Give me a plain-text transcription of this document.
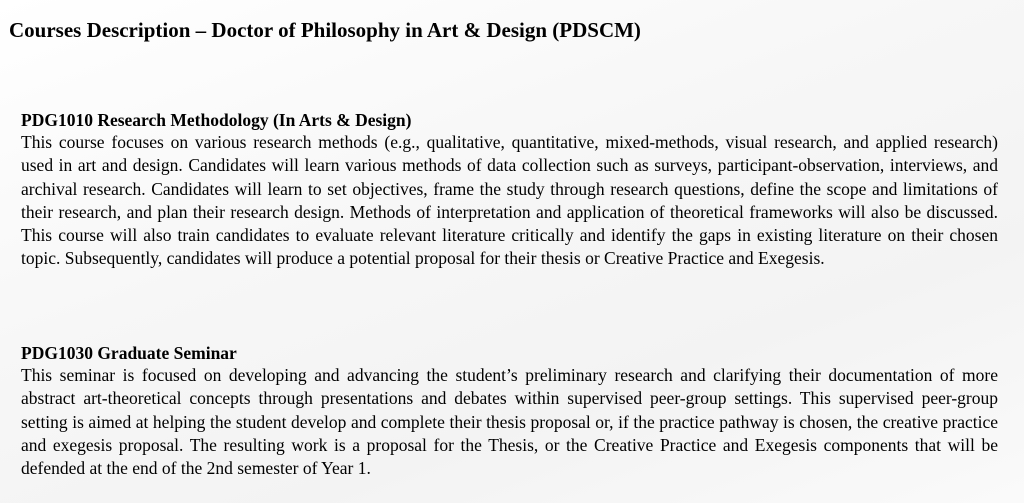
Courses Description – Doctor of Philosophy in Art & Design (PDSCM)
PDG1010 Research Methodology (In Arts & Design)

This course focuses on various research methods (e.g., qualitative, quantitative, mixed-methods, visual research, and applied research) used in art and design. Candidates will learn various methods of data collection such as surveys, participant-observation, interviews, and archival research. Candidates will learn to set objectives, frame the study through research questions, define the scope and limitations of their research, and plan their research design. Methods of interpretation and application of theoretical frameworks will also be discussed. This course will also train candidates to evaluate relevant literature critically and identify the gaps in existing literature on their chosen topic. Subsequently, candidates will produce a potential proposal for their thesis or Creative Practice and Exegesis.

PDG1030 Graduate Seminar

This seminar is focused on developing and advancing the student’s preliminary research and clarifying their documentation of more abstract art-theoretical concepts through presentations and debates within supervised peer-group settings. This supervised peer-group setting is aimed at helping the student develop and complete their thesis proposal or, if the practice pathway is chosen, the creative practice and exegesis proposal. The resulting work is a proposal for the Thesis, or the Creative Practice and Exegesis components that will be defended at the end of the 2nd semester of Year 1.
